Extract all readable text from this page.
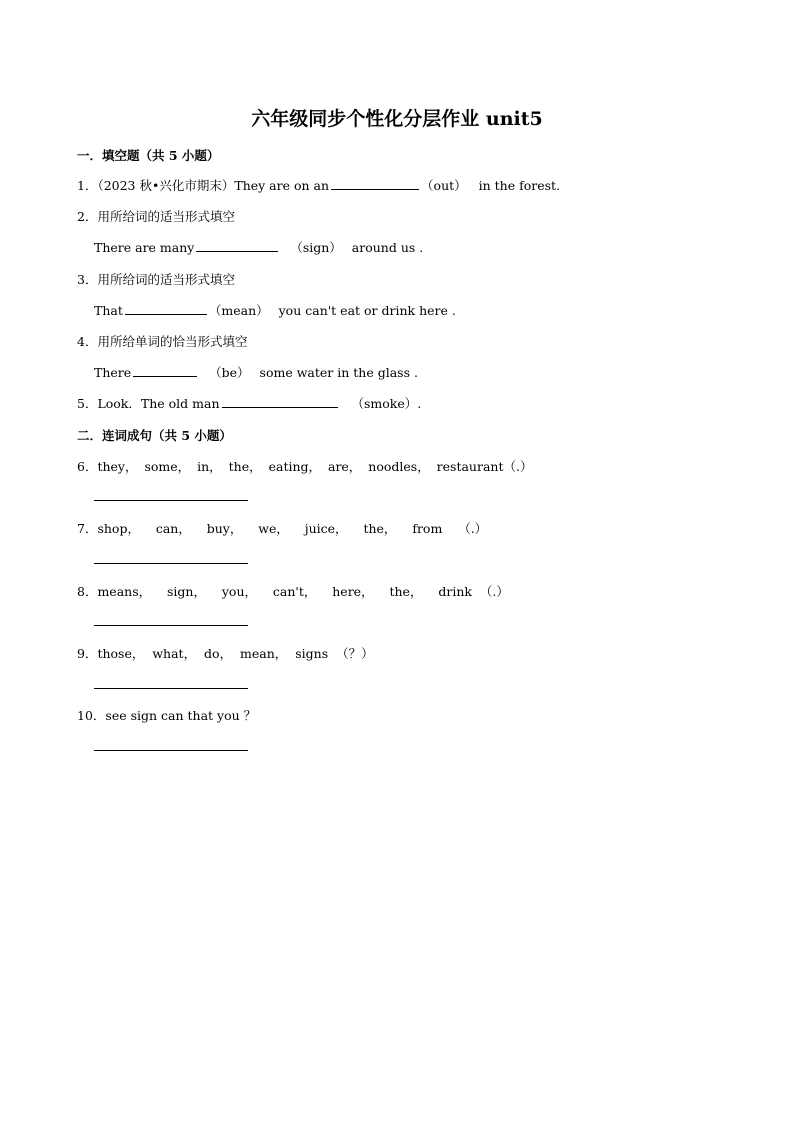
六年级同步个性化分层作业 unit5
一．填空题（共 5 小题）
1．（2023 秋•兴化市期末）They are on an	（out） in the forest.
2．用所给词的适当形式填空
There are many	（sign） around us .
3．用所给词的适当形式填空
That	（mean） you can't eat or drink here .
4．用所给单词的恰当形式填空
There	（be） some water in the glass .
5．Look．The old man	（smoke）.
二．连词成句（共 5 小题）
6．they， some， in， the， eating， are， noodles， restaurant（.）
7．shop，    can，    buy，    we，    juice，    the，    from    （.）
8．means，    sign，    you，    can't，    here，    the，    drink  （.）
9．those， what， do， mean， signs （？）
10．see sign can that you ？
